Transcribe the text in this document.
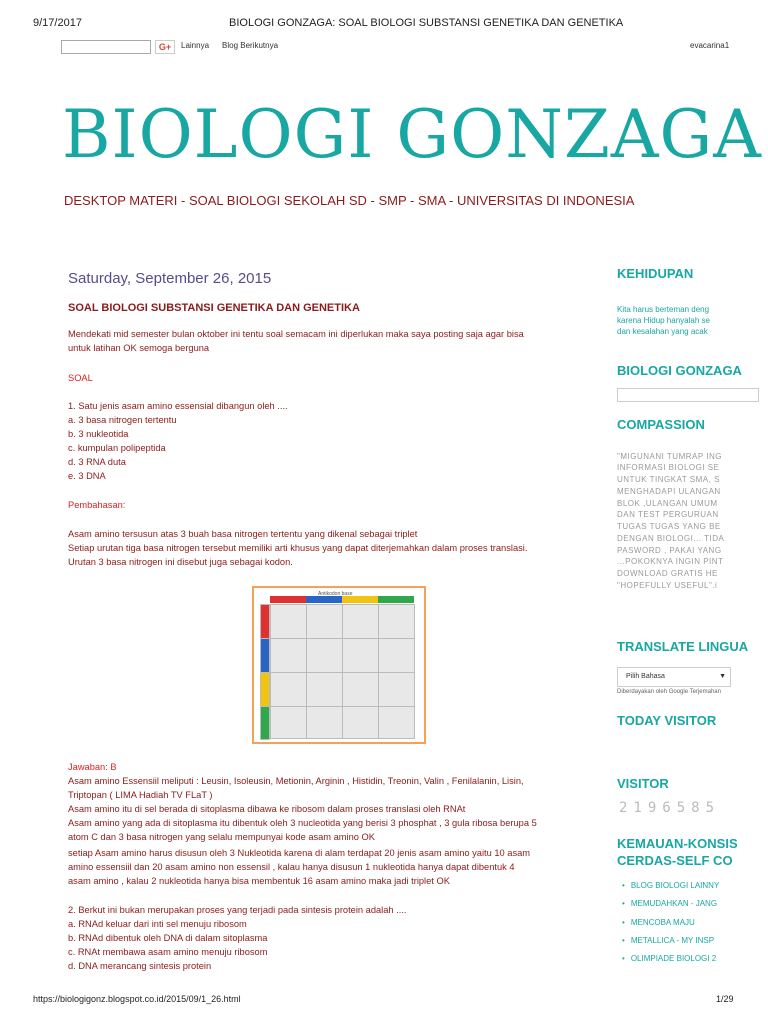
9/17/2017	BIOLOGI GONZAGA: SOAL BIOLOGI SUBSTANSI GENETIKA DAN GENETIKA
G+	Lainnya Blog Berikutnya	evacarina1
BIOLOGI GONZAGA
DESKTOP MATERI - SOAL BIOLOGI SEKOLAH SD - SMP - SMA - UNIVERSITAS DI INDONESIA
Saturday, September 26, 2015
SOAL BIOLOGI SUBSTANSI GENETIKA DAN GENETIKA
Mendekati mid semester bulan oktober ini tentu soal semacam ini diperlukan maka saya posting saja agar bisa
untuk latihan OK semoga berguna
SOAL
1. Satu jenis asam amino essensial dibangun oleh ....
a. 3 basa nitrogen tertentu
b. 3 nukleotida
c. kumpulan polipeptida
d. 3 RNA duta
e. 3 DNA
Pembahasan:
Asam amino tersusun atas 3 buah basa nitrogen tertentu yang dikenal sebagai triplet
Setiap urutan tiga basa nitrogen tersebut memiliki arti khusus yang dapat diterjemahkan dalam proses translasi.
Urutan 3 basa nitrogen ini disebut juga sebagai kodon.
Antikodon base
Jawaban: B
Asam amino Essensiil meliputi : Leusin, Isoleusin, Metionin, Arginin , Histidin, Treonin, Valin , Fenilalanin, Lisin,
Triptopan ( LIMA Hadiah TV FLaT )
Asam amino itu di sel berada di sitoplasma dibawa ke ribosom dalam proses translasi oleh RNAt
Asam amino yang ada di sitoplasma itu dibentuk oleh 3 nucleotida yang berisi 3 phosphat , 3 gula ribosa berupa 5
atom C dan 3 basa nitrogen yang selalu mempunyai kode asam amino OK
setiap Asam amino harus disusun oleh 3 Nukleotida karena di alam terdapat 20 jenis asam amino yaitu 10 asam
amino essensiil dan 20 asam amino non essensil , kalau hanya disusun 1 nukleotida hanya dapat dibentuk 4
asam amino , kalau 2 nukleotida hanya bisa membentuk 16 asam amino maka jadi triplet OK
2. Berkut ini bukan merupakan proses yang terjadi pada sintesis protein adalah ....
a. RNAd keluar dari inti sel menuju ribosom
b. RNAd dibentuk oleh DNA di dalam sitoplasma
c. RNAt membawa asam amino menuju ribosom
d. DNA merancang sintesis protein
KEHIDUPAN
Kita harus berteman deng
karena Hidup hanyalah se
dan kesalahan yang acak
BIOLOGI GONZAGA
COMPASSION
"MIGUNANI TUMRAP ING
INFORMASI BIOLOGI SE
UNTUK TINGKAT SMA, S
MENGHADAPI ULANGAN
BLOK ,ULANGAN UMUM
DAN TEST PERGURUAN
TUGAS TUGAS YANG BE
DENGAN BIOLOGI... TIDA
PASWORD , PAKAI YANG
...POKOKNYA INGIN PINT
DOWNLOAD GRATIS HE
"HOPEFULLY USEFUL".i
TRANSLATE LINGUA
Pilih Bahasa	▼
Diberdayakan oleh Google Terjemahan
TODAY VISITOR
VISITOR
2196585
KEMAUAN-KONSIS
CERDAS-SELF CO
• BLOG BIOLOGI LAINNY
• MEMUDAHKAN - JANG
• MENCOBA MAJU
• METALLICA - MY INSP
• OLIMPIADE BIOLOGI 2
https://biologigonz.blogspot.co.id/2015/09/1_26.html	1/29
